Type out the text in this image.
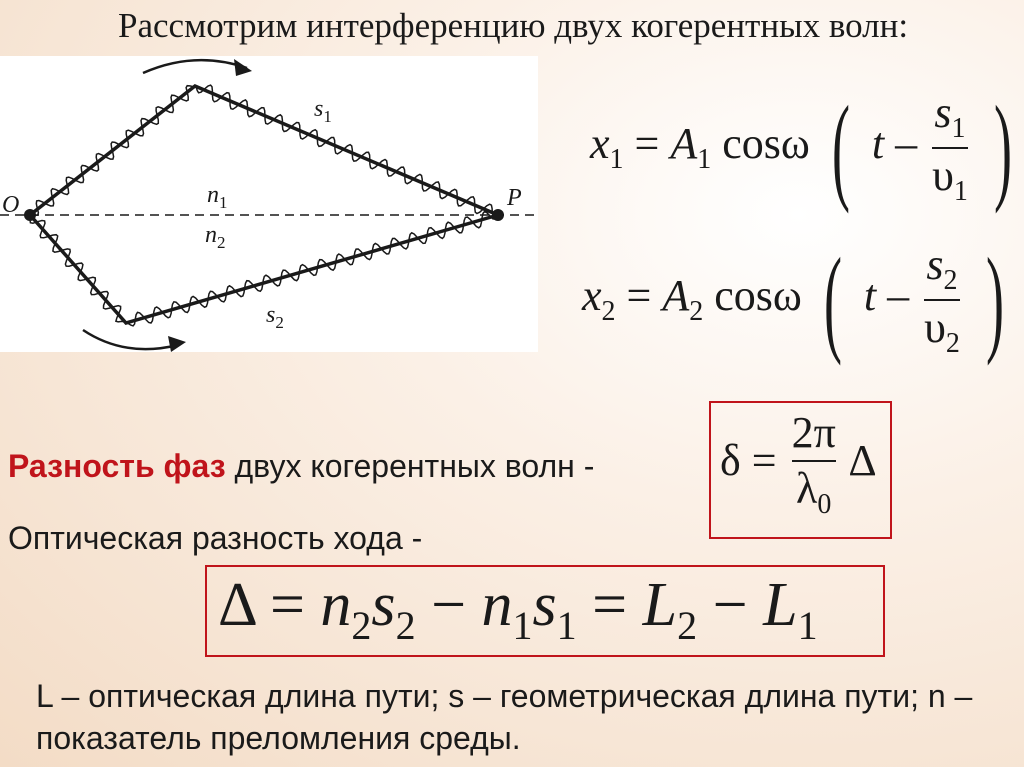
Рассмотрим интерференцию двух когерентных волн:
O	P
$s_1$
$s_2$
$n_1$
$n_2$
$x_1 = A_1$ cosω ( t – $\frac{s_1}{\upsilon_1}$ )
$x_2 = A_2$ cosω ( t – $\frac{s_2}{\upsilon_2}$ )
Разность фаз двух когерентных волн -	$\delta = \frac{2\pi}{\lambda_0}$ Δ
Оптическая разность хода -
$\Delta = n_2s_2 - n_1s_1 = L_2 - L_1$
L – оптическая длина пути; s – геометрическая длина пути; n – показатель преломления среды.
